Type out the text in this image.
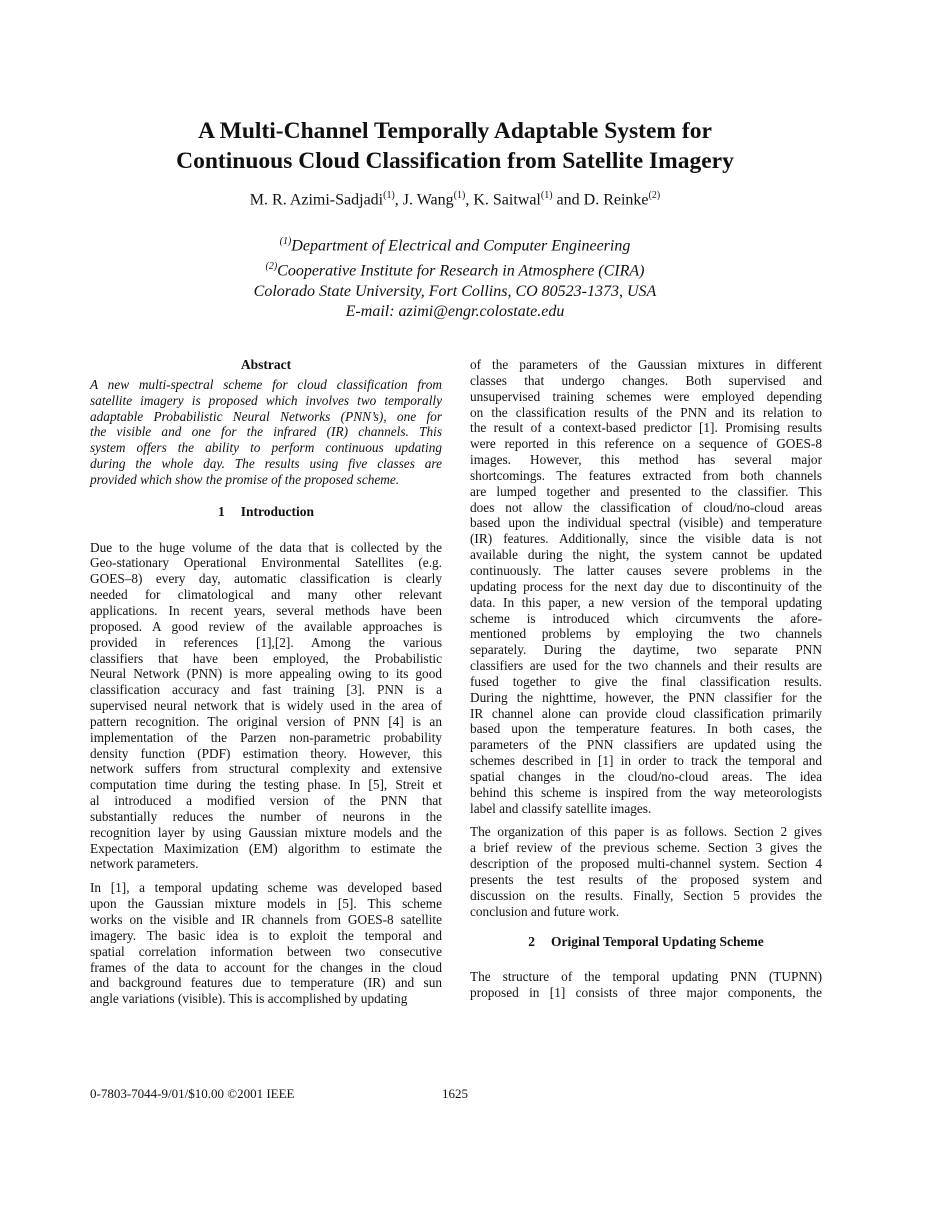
A Multi-Channel Temporally Adaptable System for
Continuous Cloud Classification from Satellite Imagery
M. R. Azimi-Sadjadi$^{(1)}$, J. Wang$^{(1)}$, K. Saitwal$^{(1)}$ and D. Reinke$^{(2)}$
$^{(1)}$Department of Electrical and Computer Engineering
$^{(2)}$Cooperative Institute for Research in Atmosphere (CIRA)
Colorado State University, Fort Collins, CO 80523-1373, USA
E-mail: azimi@engr.colostate.edu
Abstract
A new multi-spectral scheme for cloud classification from
satellite imagery is proposed which involves two temporally
adaptable Probabilistic Neural Networks (PNN’s), one for
the visible and one for the infrared (IR) channels. This
system offers the ability to perform continuous updating
during the whole day. The results using five classes are
provided which show the promise of the proposed scheme.
1 Introduction
Due to the huge volume of the data that is collected by the
Geo-stationary Operational Environmental Satellites (e.g.
GOES–8) every day, automatic classification is clearly
needed for climatological and many other relevant
applications. In recent years, several methods have been
proposed. A good review of the available approaches is
provided in references [1],[2]. Among the various
classifiers that have been employed, the Probabilistic
Neural Network (PNN) is more appealing owing to its good
classification accuracy and fast training [3]. PNN is a
supervised neural network that is widely used in the area of
pattern recognition. The original version of PNN [4] is an
implementation of the Parzen non-parametric probability
density function (PDF) estimation theory. However, this
network suffers from structural complexity and extensive
computation time during the testing phase. In [5], Streit et
al introduced a modified version of the PNN that
substantially reduces the number of neurons in the
recognition layer by using Gaussian mixture models and the
Expectation Maximization (EM) algorithm to estimate the
network parameters.
In [1], a temporal updating scheme was developed based
upon the Gaussian mixture models in [5]. This scheme
works on the visible and IR channels from GOES-8 satellite
imagery. The basic idea is to exploit the temporal and
spatial correlation information between two consecutive
frames of the data to account for the changes in the cloud
and background features due to temperature (IR) and sun
angle variations (visible). This is accomplished by updating
of the parameters of the Gaussian mixtures in different
classes that undergo changes. Both supervised and
unsupervised training schemes were employed depending
on the classification results of the PNN and its relation to
the result of a context-based predictor [1]. Promising results
were reported in this reference on a sequence of GOES-8
images. However, this method has several major
shortcomings. The features extracted from both channels
are lumped together and presented to the classifier. This
does not allow the classification of cloud/no-cloud areas
based upon the individual spectral (visible) and temperature
(IR) features. Additionally, since the visible data is not
available during the night, the system cannot be updated
continuously. The latter causes severe problems in the
updating process for the next day due to discontinuity of the
data. In this paper, a new version of the temporal updating
scheme is introduced which circumvents the afore-
mentioned problems by employing the two channels
separately. During the daytime, two separate PNN
classifiers are used for the two channels and their results are
fused together to give the final classification results.
During the nighttime, however, the PNN classifier for the
IR channel alone can provide cloud classification primarily
based upon the temperature features. In both cases, the
parameters of the PNN classifiers are updated using the
schemes described in [1] in order to track the temporal and
spatial changes in the cloud/no-cloud areas. The idea
behind this scheme is inspired from the way meteorologists
label and classify satellite images.
The organization of this paper is as follows. Section 2 gives
a brief review of the previous scheme. Section 3 gives the
description of the proposed multi-channel system. Section 4
presents the test results of the proposed system and
discussion on the results. Finally, Section 5 provides the
conclusion and future work.
2 Original Temporal Updating Scheme
The structure of the temporal updating PNN (TUPNN)
proposed in [1] consists of three major components, the
0-7803-7044-9/01/$10.00 ©2001 IEEE	1625
